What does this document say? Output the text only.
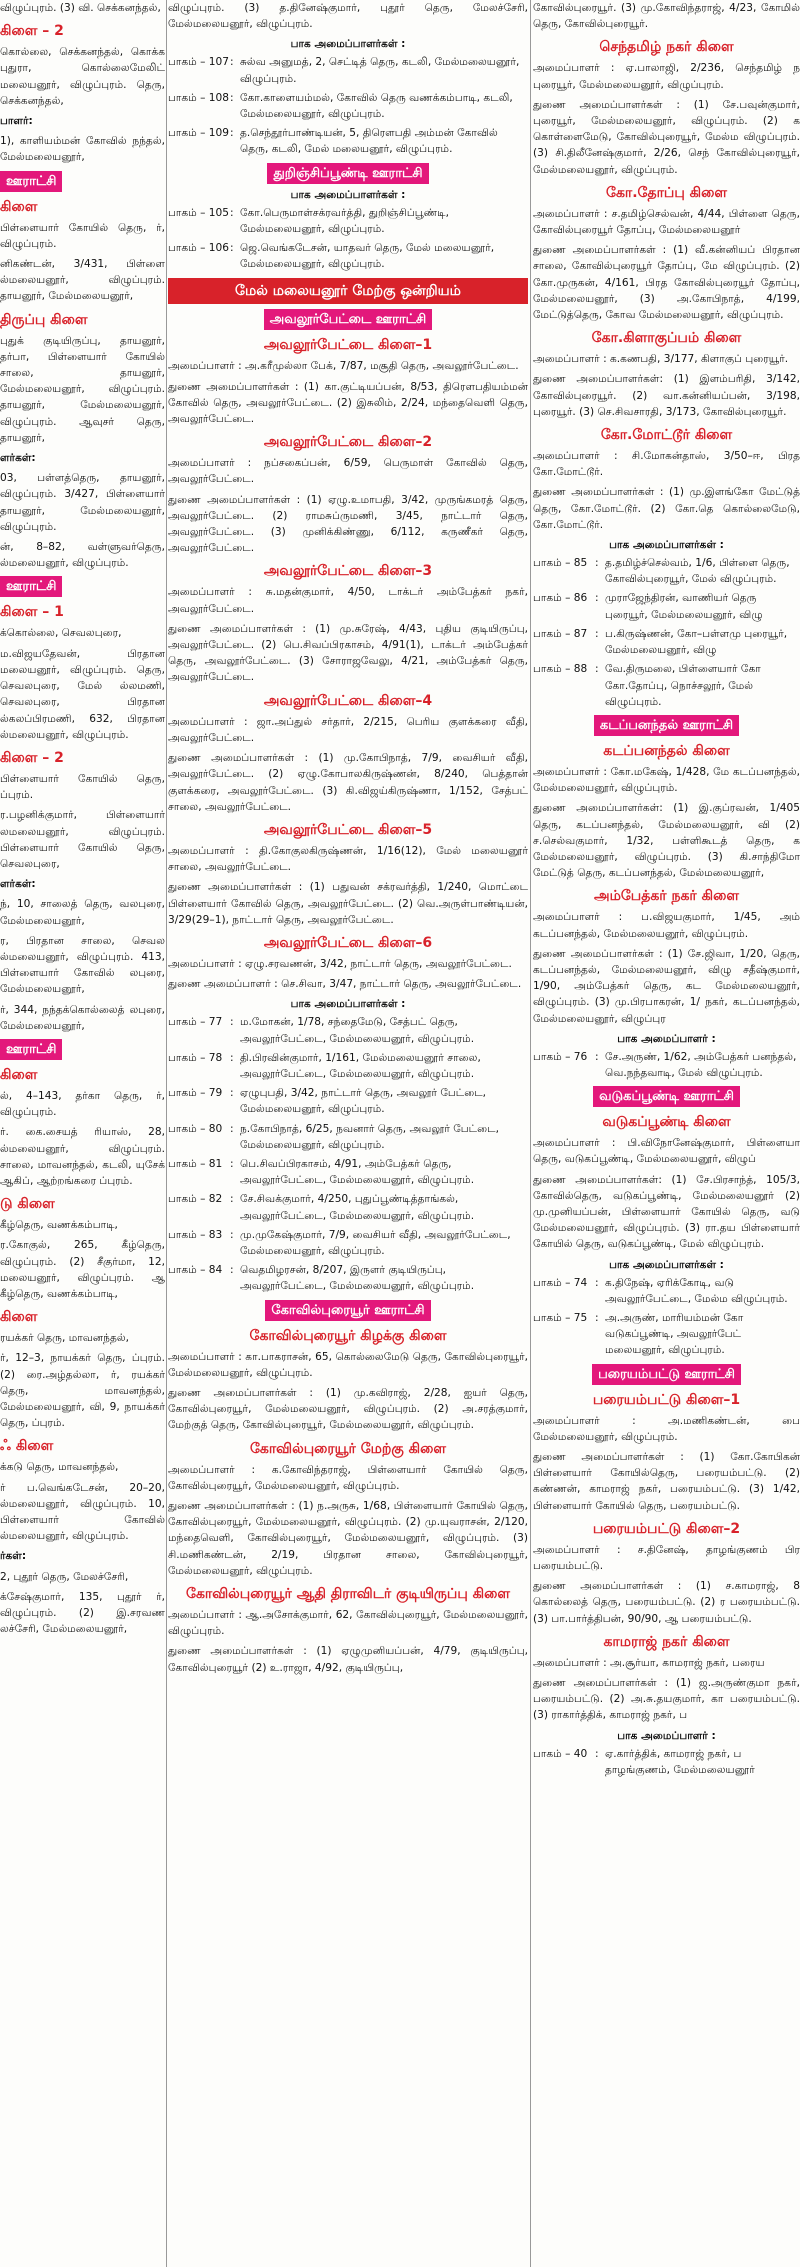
விழுப்புரம். (3) வி. செக்கனந்தல்,
கிளை – 2
கொல்லை, செக்கனந்தல், கொக்க புதுரா, கொல்லைமேலிட் மலையனூர், விழுப்புரம். தெரு, செக்கனந்தல்,
பாளர்:
1), காளியம்மன் கோவில் நந்தல், மேல்மலையனூர்,
ஊராட்சி
கிளை
பிள்ளையார் கோயில் தெரு, ர், விழுப்புரம்.
னிகண்டன், 3/431, பிள்ளை ல்மலையனூர், விழுப்புரம். தாயனூர், மேல்மலையனூர்,
திருப்பு கிளை
புதுக் குடியிருப்பு, தாயனூர், தர்பா, பிள்ளையார் கோயில் சாலை, தாயனூர், மேல்மலையனூர், விழுப்புரம். தாயனூர், மேல்மலையனூர், விழுப்புரம். ஆவுசர் தெரு, தாயனூர்,
ளர்கள்:
03, பள்ளத்தெரு, தாயனூர், விழுப்புரம். 3/427, பிள்ளையார் தாயனூர், மேல்மலையனூர், விழுப்புரம்.
ன், 8–82, வள்ளுவர்தெரு, ல்மலையனூர், விழுப்புரம்.
ஊராட்சி
கிளை – 1
க்கொல்லை, செவலபுரை,
ம.விஜயதேவன், பிரதான மலையனூர், விழுப்புரம். தெரு, செவலபுரை, மேல் ல்லமணி, செவலபுரை, பிரதான ல்கலப்பிரமணி, 632, பிரதான ல்மலையனூர், விழுப்புரம்.
கிளை – 2
பிள்ளையார் கோயில் தெரு, ப்புரம்.
ர.பழனிக்குமார், பிள்ளையார் லமலையனூர், விழுப்புரம். பிள்ளையார் கோயில் தெரு, செவலபுரை,
ளர்கள்:
ந், 10, சாலைத் தெரு, வலபுரை, மேல்மலையனூர்,
ர, பிரதான சாலை, செவல ல்மலையனூர், விழுப்புரம். 413, பிள்ளையார் கோவில் லபுரை, மேல்மலையனூர்,
ர், 344, நந்தக்கொல்லைத் லபுரை, மேல்மலையனூர்,
ஊராட்சி
கிளை
ல், 4–143, தர்கா தெரு, ர், விழுப்புரம்.
ர். கை.சையத் ரியாஸ், 28, ல்மலையனூர், விழுப்புரம். சாலை, மாவனந்தல், கடலி, யுசேக் ஆகிப், ஆற்றங்கரை ப்புரம்.
டு கிளை
கீழ்தெரு, வணக்கம்பாடி,
ர.கோகுல், 265, கீழ்தெரு, விழுப்புரம். (2) சீகுர்மா, 12, மலையனூர், விழுப்புரம். ஆ கீழ்தெரு, வணக்கம்பாடி,
கிளை
ரயக்கர் தெரு, மாவனந்தல்,
ர், 12–3, நாயக்கர் தெரு, ப்புரம். (2) ரை.அழ்தல்லா, ர், ரயக்கர் தெரு, மாவனந்தல், மேல்மலையனூர், வி, 9, நாயக்கர் தெரு, ப்புரம்.
ஃ கிளை
க்கடு தெரு, மாவனந்தல்,
ர் ப.வெங்கடேசன், 20–20, ல்மலையனூர், விழுப்புரம். 10, பிள்ளையார் கோவில் ல்மலையனூர், விழுப்புரம்.
ர்கள்:
2, புதூர் தெரு, மேலச்சேரி,
க்சேஷ்குமார், 135, புதூர் ர், விழுப்புரம். (2) இ.சரவண லச்சேரி, மேல்மலையனூர்,
விழுப்புரம். (3) த.தினேஷ்குமார், புதூர் தெரு, மேலச்சேரி, மேல்மலையனூர், விழுப்புரம்.
பாக அமைப்பாளர்கள் :
பாகம் – 107 : சுல்வ அனுமத், 2, செட்டித் தெரு, கடலி, மேல்மலையனூர், விழுப்புரம்.
பாகம் – 108 : கோ.காளையம்மல், கோவில் தெரு வணக்கம்பாடி, கடலி, மேல்மலையனூர், விழுப்புரம்.
பாகம் – 109 : த.செந்தூர்பாண்டியன், 5, திரௌபதி அம்மன் கோவில் தெரு, கடலி, மேல் மலையனூர், விழுப்புரம்.
துறிஞ்சிப்பூண்டி ஊராட்சி
பாக அமைப்பாளர்கள் :
பாகம் – 105 : கோ.பெருமாள்சக்ரவர்த்தி, துறிஞ்சிப்பூண்டி, மேல்மலையனூர், விழுப்புரம்.
பாகம் – 106 : ஜெ.வெங்கடேசன், யாதவர் தெரு, மேல் மலையனூர், மேல்மலையனூர், விழுப்புரம்.
மேல் மலையனூர் மேற்கு ஒன்றியம்
அவலூர்பேட்டை ஊராட்சி
அவலூர்பேட்டை கிளை–1
அமைப்பாளர் : அ.கரீமுல்லா பேக், 7/87, மசூதி தெரு, அவலூர்பேட்டை.
துணை அமைப்பாளர்கள் : (1) கா.குட்டியப்பன், 8/53, திரௌபதியம்மன் கோவில் தெரு, அவலூர்பேட்டை. (2) இசுலிம், 2/24, மந்தைவெளி தெரு, அவலூர்பேட்டை.
அவலூர்பேட்டை கிளை–2
அமைப்பாளர் : நப்சகைப்பன், 6/59, பெருமாள் கோவில் தெரு, அவலூர்பேட்டை.
துணை அமைப்பாளர்கள் : (1) ஏழு.உமாபதி, 3/42, முருங்கமரத் தெரு, அவலூர்பேட்டை. (2) ராமசுப்ருமணி, 3/45, நாட்டார் தெரு, அவலூர்பேட்டை. (3) முனிக்கிண்ணு, 6/112, கருணீகர் தெரு, அவலூர்பேட்டை.
அவலூர்பேட்டை கிளை–3
அமைப்பாளர் : சு.மதன்குமார், 4/50, டாக்டர் அம்பேத்கர் நகர், அவலூர்பேட்டை.
துணை அமைப்பாளர்கள் : (1) மு.சுரேஷ், 4/43, புதிய குடியிருப்பு, அவலூர்பேட்டை. (2) பெ.சிவப்பிரகாசம், 4/91(1), டாக்டர் அம்பேத்கர் தெரு, அவலூர்பேட்டை. (3) சோராஜவேலு, 4/21, அம்பேத்கர் தெரு, அவலூர்பேட்டை.
அவலூர்பேட்டை கிளை–4
அமைப்பாளர் : ஜா.அப்துல் சர்தார், 2/215, பெரிய குளக்கரை வீதி, அவலூர்பேட்டை.
துணை அமைப்பாளர்கள் : (1) மு.கோபிநாத், 7/9, வைசியர் வீதி, அவலூர்பேட்டை. (2) ஏழு.கோபாலகிருஷ்ணன், 8/240, பெத்தான் குளக்கரை, அவலூர்பேட்டை. (3) கி.விஜய்கிருஷ்ணா, 1/152, சேத்பட் சாலை, அவலூர்பேட்டை.
அவலூர்பேட்டை கிளை–5
அமைப்பாளர் : தி.கோகுலகிருஷ்ணன், 1/16(12), மேல் மலையனூர் சாலை, அவலூர்பேட்டை.
துணை அமைப்பாளர்கள் : (1) பதுவன் சக்ரவர்த்தி, 1/240, மொட்டை பிள்ளையார் கோவில் தெரு, அவலூர்பேட்டை. (2) வெ.அருள்பாண்டியன், 3/29(29–1), நாட்டார் தெரு, அவலூர்பேட்டை.
அவலூர்பேட்டை கிளை–6
அமைப்பாளர் : ஏழு.சரவணன், 3/42, நாட்டார் தெரு, அவலூர்பேட்டை.
துணை அமைப்பாளர் : செ.சிவா, 3/47, நாட்டார் தெரு, அவலூர்பேட்டை.
பாக அமைப்பாளர்கள் :
பாகம் – 77 : ம.மோகன், 1/78, சந்தைமேடு, சேத்பட் தெரு, அவலூர்பேட்டை, மேல்மலையனூர், விழுப்புரம்.
பாகம் – 78 : தி.பிரவின்குமார், 1/161, மேல்மலையனூர் சாலை, அவலூர்பேட்டை, மேல்மலையனூர், விழுப்புரம்.
பாகம் – 79 : ஏழுபுபதி, 3/42, நாட்டார் தெரு, அவலூர் பேட்டை, மேல்மலையனூர், விழுப்புரம்.
பாகம் – 80 : ந.கோபிநாத், 6/25, நவனார் தெரு, அவலூர் பேட்டை, மேல்மலையனூர், விழுப்புரம்.
பாகம் – 81 : பெ.சிவப்பிரகாசம், 4/91, அம்பேத்கர் தெரு, அவலூர்பேட்டை, மேல்மலையனூர், விழுப்புரம்.
பாகம் – 82 : சே.சிவக்குமார், 4/250, புதுப்பூண்டித்தாங்கல், அவலூர்பேட்டை, மேல்மலையனூர், விழுப்புரம்.
பாகம் – 83 : மு.முகேஷ்குமார், 7/9, வைசியர் வீதி, அவலூர்பேட்டை, மேல்மலையனூர், விழுப்புரம்.
பாகம் – 84 : வெதமிழரசன், 8/207, இருளர் குடியிருப்பு, அவலூர்பேட்டை, மேல்மலையனூர், விழுப்புரம்.
கோவில்புரையூர் ஊராட்சி
கோவில்புரையூர் கிழக்கு கிளை
அமைப்பாளர் : கா.பாகராசன், 65, கொல்லைமேடு தெரு, கோவில்புரையூர், மேல்மலையனூர், விழுப்புரம்.
துணை அமைப்பாளர்கள் : (1) மு.கவிராஜ், 2/28, ஐயர் தெரு, கோவில்புரையூர், மேல்மலையனூர், விழுப்புரம். (2) அ.சரத்குமார், மேற்குத் தெரு, கோவில்புரையூர், மேல்மலையனூர், விழுப்புரம்.
கோவில்புரையூர் மேற்கு கிளை
அமைப்பாளர் : க.கோவிந்தராஜ், பிள்ளையார் கோயில் தெரு, கோவில்புரையூர், மேல்மலையனூர், விழுப்புரம்.
துணை அமைப்பாளர்கள் : (1) ந.அருசு, 1/68, பிள்ளையார் கோயில் தெரு, கோவில்புரையூர், மேல்மலையனூர், விழுப்புரம். (2) மு.யுவராசன், 2/120, மந்தைவெளி, கோவில்புரையூர், மேல்மலையனூர், விழுப்புரம். (3) சி.மணிகண்டன், 2/19, பிரதான சாலை, கோவில்புரையூர், மேல்மலையனூர், விழுப்புரம்.
கோவில்புரையூர் ஆதி திராவிடர் குடியிருப்பு கிளை
அமைப்பாளர் : ஆ.அசோக்குமார், 62, கோவில்புரையூர், மேல்மலையனூர், விழுப்புரம்.
துணை அமைப்பாளர்கள் : (1) ஏழுமுனியப்பன், 4/79, குடியிருப்பு, கோவில்புரையூர் (2) உ.ராஜா, 4/92, குடியிருப்பு,
கோவில்புரையூர். (3) மு.கோவிந்தராஜ், 4/23, கோமில் தெரு, கோவில்புரையூர்.
செந்தமிழ் நகர் கிளை
அமைப்பாளர் : ஏ.பாலாஜி, 2/236, செந்தமிழ் ந புரையூர், மேல்மலையனூர், விழுப்புரம்.
துணை அமைப்பாளர்கள் : (1) சே.பவுன்குமார், புரையூர், மேல்மலையனூர், விழுப்புரம். (2) க கொள்ளைமேடு, கோவில்புரையூர், மேல்ம விழுப்புரம். (3) சி.திலீனேஷ்குமார், 2/26, செந் கோவில்புரையூர், மேல்மலையனூர், விழுப்புரம்.
கோ.தோப்பு கிளை
அமைப்பாளர் : ச.தமிழ்செல்வன், 4/44, பிள்ளை தெரு, கோவில்புரையூர் தோப்பு, மேல்மலையனூர்
துணை அமைப்பாளர்கள் : (1) வீ.கன்னியப் பிரதான சாலை, கோவில்புரையூர் தோப்பு, மே விழுப்புரம். (2) கோ.முருகன், 4/161, பிரத கோவில்புரையூர் தோப்பு, மேல்மலையனூர், (3) அ.கோபிநாத், 4/199, மேட்டுத்தெரு, கோவ மேல்மலையனூர், விழுப்புரம்.
கோ.கிளாகுப்பம் கிளை
அமைப்பாளர் : க.கணபதி, 3/177, கிளாகுப் புரையூர்.
துணை அமைப்பாளர்கள்: (1) இளம்பரிதி, 3/142, கோவில்புரையூர். (2) வா.கன்னியப்பன், 3/198, புரையூர். (3) செ.சிவசாரதி, 3/173, கோவில்புரையூர்.
கோ.மோட்டூர் கிளை
அமைப்பாளர் : சி.மோகன்தாஸ், 3/50–ஈ, பிரத கோ.மோட்டூர்.
துணை அமைப்பாளர்கள் : (1) மு.இளங்கோ மேட்டுத் தெரு, கோ.மோட்டூர். (2) கோ.தெ கொல்லைமேடு, கோ.மோட்டூர்.
பாக அமைப்பாளர்கள் :
பாகம் – 85 : த.தமிழ்ச்செல்வம், 1/6, பிள்ளை தெரு, கோவில்புரையூர், மேல் விழுப்புரம்.
பாகம் – 86 : முராஜேந்திரன், வாணியர் தெரு புரையூர், மேல்மலையனூர், விழு
பாகம் – 87 : ப.கிருஷ்ணன், கோ–பள்ளமு புரையூர், மேல்மலையனூர், விழு
பாகம் – 88 : வே.திருமலை, பிள்ளையார் கோ கோ.தோப்பு, நொச்சலூர், மேல் விழுப்புரம்.
கடப்பனந்தல் ஊராட்சி
கடப்பனந்தல் கிளை
அமைப்பாளர் : கோ.மகேஷ், 1/428, மே கடப்பனந்தல், மேல்மலையனூர், விழுப்புரம்.
துணை அமைப்பாளர்கள்: (1) இ.குப்ரவன், 1/405 தெரு, கடப்பனந்தல், மேல்மலையனூர், வி (2) ச.செல்வகுமார், 1/32, பள்ளிகூடத் தெரு, க மேல்மலையனூர், விழுப்புரம். (3) கி.சாந்திமோ மேட்டுத் தெரு, கடப்பனந்தல், மேல்மலையனூர்,
அம்பேத்கர் நகர் கிளை
அமைப்பாளர் : ப.விஜயகுமார், 1/45, அம் கடப்பனந்தல், மேல்மலையனூர், விழுப்புரம்.
துணை அமைப்பாளர்கள் : (1) சே.ஜிவா, 1/20, தெரு, கடப்பனந்தல், மேல்மலையனூர், விழு சதீஷ்குமார், 1/90, அம்பேத்கர் தெரு, கட மேல்மலையனூர், விழுப்புரம். (3) மு.பிரபாகரன், 1/ நகர், கடப்பனந்தல், மேல்மலையனூர், விழுப்புர
பாக அமைப்பாளர் :
பாகம் – 76 : சே.அருண், 1/62, அம்பேத்கர் பனந்தல், வெ.நந்தவாடி, மேல் விழுப்புரம்.
வடுகப்பூண்டி ஊராட்சி
வடுகப்பூண்டி கிளை
அமைப்பாளர் : பி.விநோனேஷ்குமார், பிள்ளையா தெரு, வடுகப்பூண்டி, மேல்மலையனூர், விழுப்
துணை அமைப்பாளர்கள்: (1) சே.பிரசாந்த், 105/3, கோவில்தெரு, வடுகப்பூண்டி, மேல்மலையனூர் (2) மு.முனியப்பன், பிள்ளையார் கோயில் தெரு, வடு மேல்மலையனூர், விழுப்புரம். (3) ரா.தய பிள்ளையார் கோயில் தெரு, வடுகப்பூண்டி, மேல் விழுப்புரம்.
பாக அமைப்பாளர்கள் :
பாகம் – 74 : க.திநேஷ், ஏரிக்கோடி, வடு அவலூர்பேட்டை, மேல்ம விழுப்புரம்.
பாகம் – 75 : அ.அருண், மாரியம்மன் கோ வடுகப்பூண்டி, அவலூர்பேட் மலையனூர், விழுப்புரம்.
பரையம்பட்டு ஊராட்சி
பரையம்பட்டு கிளை–1
அமைப்பாளர் : அ.மணிகண்டன், பை மேல்மலையனூர், விழுப்புரம்.
துணை அமைப்பாளர்கள் : (1) கோ.கோபிகன் பிள்ளையார் கோயில்தெரு, பரையம்பட்டு. (2) கண்ணன், காமராஜ் நகர், பரையம்பட்டு. (3) 1/42, பிள்ளையார் கோயில் தெரு, பரையம்பட்டு.
பரையம்பட்டு கிளை–2
அமைப்பாளர் : ச.தினேஷ், தாழங்குணம் பிர பரையம்பட்டு.
துணை அமைப்பாளர்கள் : (1) ச.காமராஜ், 8 கொல்லைத் தெரு, பரையம்பட்டு. (2) ர பரையம்பட்டு. (3) பா.பார்த்திபன், 90/90, ஆ பரையம்பட்டு.
காமராஜ் நகர் கிளை
அமைப்பாளர் : அ.சூர்யா, காமராஜ் நகர், பரைய
துணை அமைப்பாளர்கள் : (1) ஜ.அருண்குமா நகர், பரையம்பட்டு. (2) அ.சு.தயகுமார், கா பரையம்பட்டு. (3) ராகார்த்திக், காமராஜ் நகர், ப
பாக அமைப்பாளர் :
பாகம் – 40 : ஏ.கார்த்திக், காமராஜ் நகர், ப தாழங்குணம், மேல்மலையனூர்
